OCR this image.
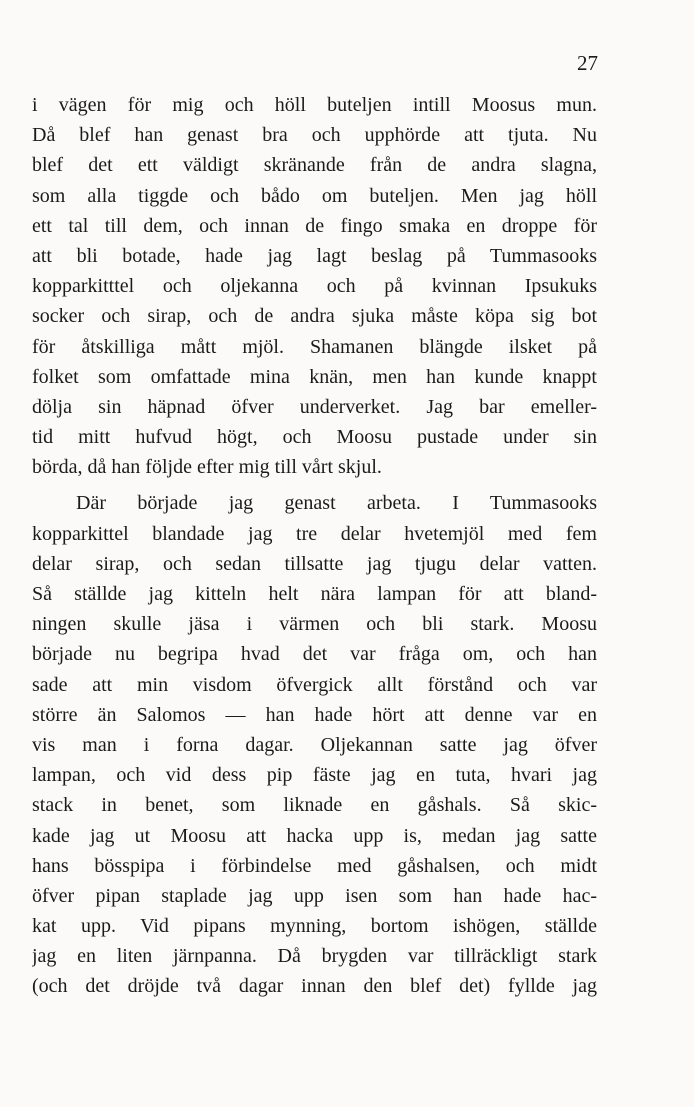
27

i vägen för mig och höll buteljen intill Moosus mun.
Då blef han genast bra och upphörde att tjuta. Nu
blef det ett väldigt skränande från de andra slagna,
som alla tiggde och bådo om buteljen. Men jag höll
ett tal till dem, och innan de fingo smaka en droppe för
att bli botade, hade jag lagt beslag på Tummasooks
kopparkitttel och oljekanna och på kvinnan Ipsukuks
socker och sirap, och de andra sjuka måste köpa sig bot
för åtskilliga mått mjöl. Shamanen blängde ilsket på
folket som omfattade mina knän, men han kunde knappt
dölja sin häpnad öfver underverket. Jag bar emeller-
tid mitt hufvud högt, och Moosu pustade under sin
börda, då han följde efter mig till vårt skjul.

Där började jag genast arbeta. I Tummasooks
kopparkittel blandade jag tre delar hvetemjöl med fem
delar sirap, och sedan tillsatte jag tjugu delar vatten.
Så ställde jag kitteln helt nära lampan för att bland-
ningen skulle jäsa i värmen och bli stark. Moosu
började nu begripa hvad det var fråga om, och han
sade att min visdom öfvergick allt förstånd och var
större än Salomos — han hade hört att denne var en
vis man i forna dagar. Oljekannan satte jag öfver
lampan, och vid dess pip fäste jag en tuta, hvari jag
stack in benet, som liknade en gåshals. Så skic-
kade jag ut Moosu att hacka upp is, medan jag satte
hans bösspipa i förbindelse med gåshalsen, och midt
öfver pipan staplade jag upp isen som han hade hac-
kat upp. Vid pipans mynning, bortom ishögen, ställde
jag en liten järnpanna. Då brygden var tillräckligt stark
(och det dröjde två dagar innan den blef det) fyllde jag
